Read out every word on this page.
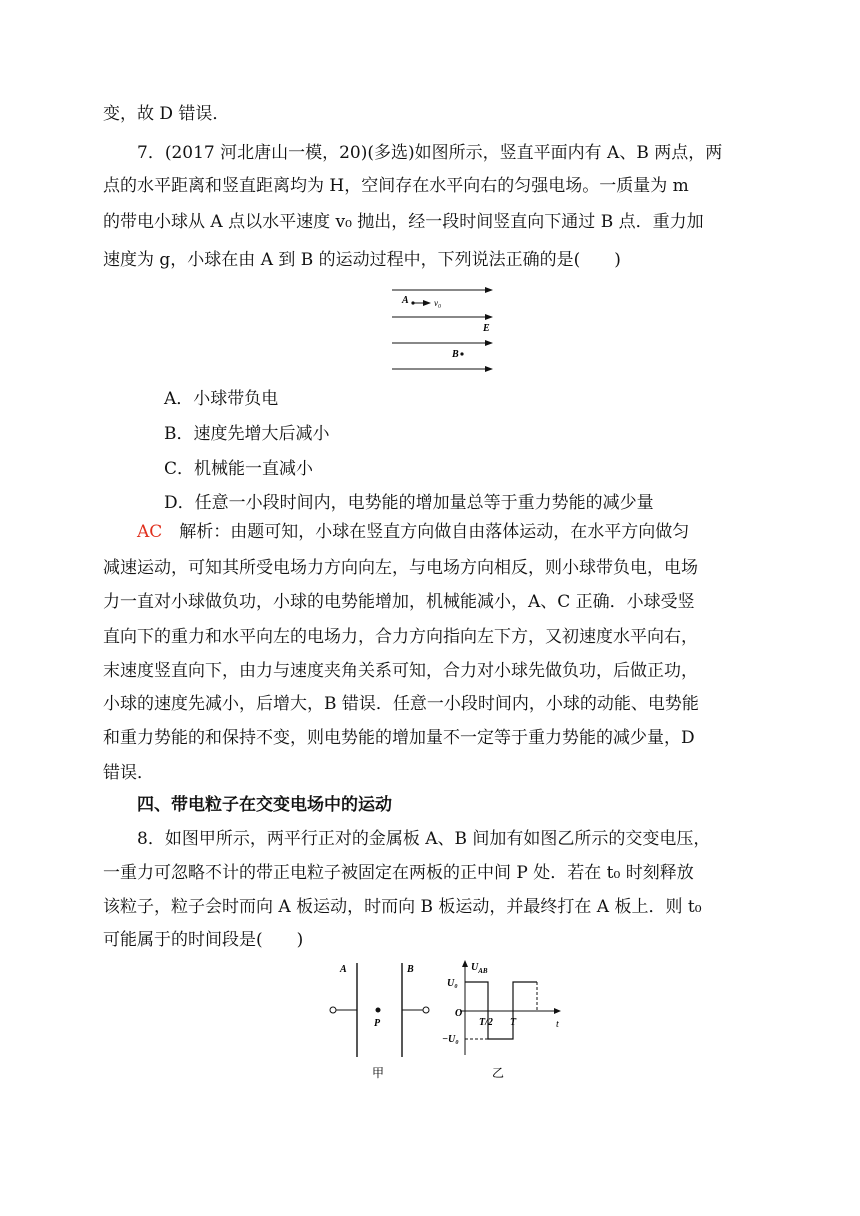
变，故 D 错误．
7．(2017 河北唐山一模，20)(多选)如图所示，竖直平面内有 A、B 两点，两
点的水平距离和竖直距离均为 H，空间存在水平向右的匀强电场。一质量为 m
的带电小球从 A 点以水平速度 v₀ 抛出，经一段时间竖直向下通过 B 点．重力加
速度为 g，小球在由 A 到 B 的运动过程中，下列说法正确的是(　　)
A	v₀
E
B
A．小球带负电
B．速度先增大后减小
C．机械能一直减小
D．任意一小段时间内，电势能的增加量总等于重力势能的减少量
AC 解析：由题可知，小球在竖直方向做自由落体运动，在水平方向做匀
减速运动，可知其所受电场力方向向左，与电场方向相反，则小球带负电，电场
力一直对小球做负功，小球的电势能增加，机械能减小，A、C 正确．小球受竖
直向下的重力和水平向左的电场力，合力方向指向左下方，又初速度水平向右，
末速度竖直向下，由力与速度夹角关系可知，合力对小球先做负功，后做正功，
小球的速度先减小，后增大，B 错误．任意一小段时间内，小球的动能、电势能
和重力势能的和保持不变，则电势能的增加量不一定等于重力势能的减少量，D
错误．
四、带电粒子在交变电场中的运动
8．如图甲所示，两平行正对的金属板 A、B 间加有如图乙所示的交变电压，
一重力可忽略不计的带正电粒子被固定在两板的正中间 P 处．若在 t₀ 时刻释放
该粒子，粒子会时而向 A 板运动，时而向 B 板运动，并最终打在 A 板上．则 t₀
可能属于的时间段是(　　)
A	B
P
甲
$U_{AB}$
U₀
O
−U₀
T/2 T	t
乙
